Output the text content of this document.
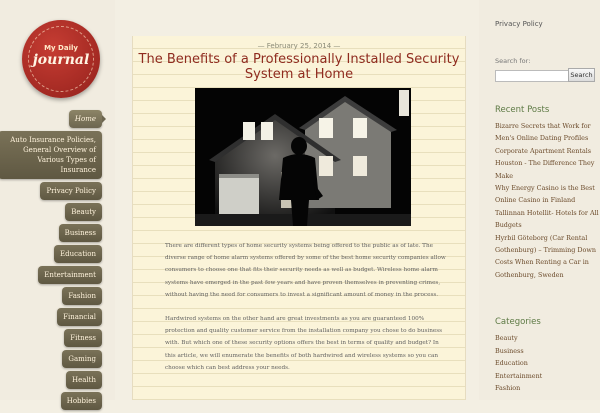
My Daily
journal
Home
Auto Insurance Policies, General Overview of Various Types of Insurance
Privacy Policy
Beauty
Business
Education
Entertainment
Fashion
Financial
Fitness
Gaming
Health
Hobbies
— February 25, 2014 —
The Benefits of a Professionally Installed Security System at Home

There are different types of home security systems being offered to the public as of late. The diverse range of home alarm systems offered by some of the best home security companies allow consumers to choose one that fits their security needs as well as budget. Wireless home alarm systems have emerged in the past few years and have proven themselves in preventing crimes, without having the need for consumers to invest a significant amount of money in the process.

Hardwired systems on the other hand are great investments as you are guaranteed 100% protection and quality customer service from the installation company you chose to do business with. But which one of these security options offers the best in terms of quality and budget? In this article, we will enumerate the benefits of both hardwired and wireless systems so you can choose which can best address your needs.

Privacy Policy
Search for:
Search
Recent Posts
Bizarre Secrets that Work for Men's Online Dating Profiles
Corporate Apartment Rentals Houston - The Difference They Make
Why Energy Casino is the Best Online Casino in Finland
Tallinnan Hotellit- Hotels for All Budgets
Hyrbil Göteborg (Car Rental Gothenburg) – Trimming Down Costs When Renting a Car in Gothenburg, Sweden
Categories
Beauty
Business
Education
Entertainment
Fashion
